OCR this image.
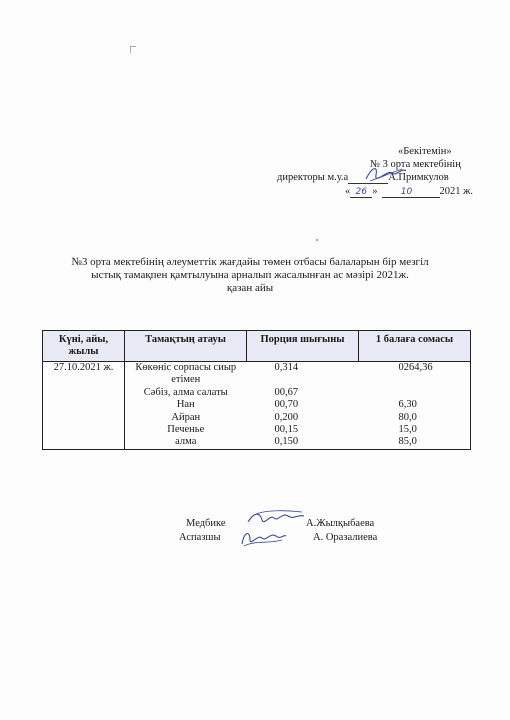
«Бекітемін»
№ 3 орта мектебінің
директоры м.у.а	А.Примкулов
« 26 »	10	2021 ж.
№3 орта мектебінің әлеуметтік жағдайы төмен отбасы балаларын бір мезгіл
ыстық тамақпен қамтылуына арналып жасалынған ас мәзірі 2021ж.
қазан айы
Күні, айы, жылы	Тамақтың атауы	Порция шығыны	1 балаға сомасы
27.10.2021 ж.	Көкөніс сорпасы сиыр	0,314	0264,36
	етімен		
	Сәбіз, алма салаты	00,67	
	Нан	00,70	6,30
	Айран	0,200	80,0
	Печенье	00,15	15,0
	алма	0,150	85,0
Медбике	А.Жылқыбаева
Аспазшы	А. Оразалиева
